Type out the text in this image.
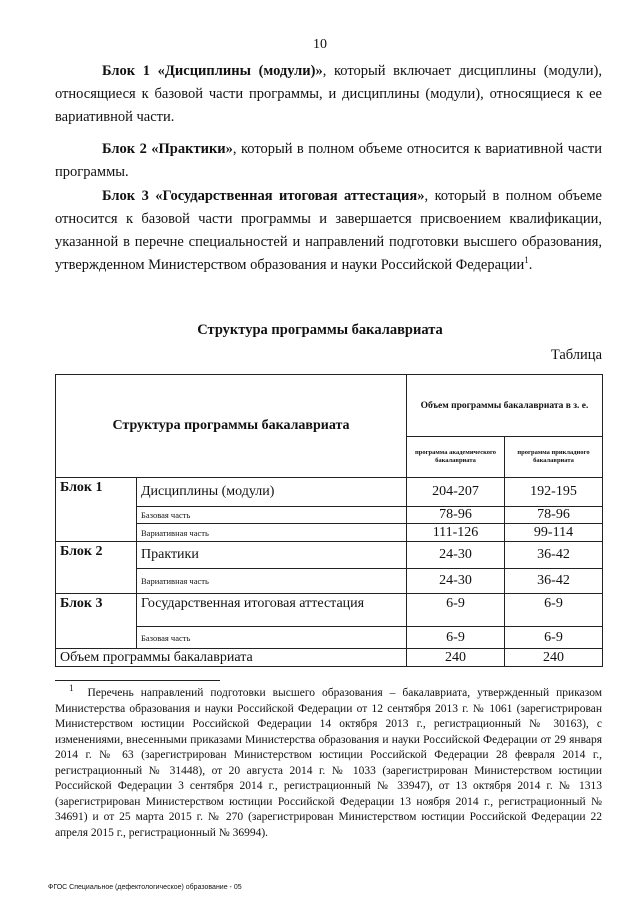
10

Блок 1 «Дисциплины (модули)», который включает дисциплины (модули), относящиеся к базовой части программы, и дисциплины (модули), относящиеся к ее вариативной части.

Блок 2 «Практики», который в полном объеме относится к вариативной части программы.

Блок 3 «Государственная итоговая аттестация», который в полном объеме относится к базовой части программы и завершается присвоением квалификации, указанной в перечне специальностей и направлений подготовки высшего образования, утвержденном Министерством образования и науки Российской Федерации$^1$.

Структура программы бакалавриата
Таблица
Структура программы бакалавриата		Объем программы бакалавриата в з. е.	
		программа академического бакалавриата	программа прикладного бакалавриата
Блок 1	Дисциплины (модули)	204-207	192-195
	Базовая часть	78-96	78-96
	Вариативная часть	111-126	99-114
Блок 2	Практики	24-30	36-42
	Вариативная часть	24-30	36-42
Блок 3	Государственная итоговая аттестация	6-9	6-9
	Базовая часть	6-9	6-9
Объем программы бакалавриата		240	240

$^1$ Перечень направлений подготовки высшего образования – бакалавриата, утвержденный приказом Министерства образования и науки Российской Федерации от 12 сентября 2013 г. № 1061 (зарегистрирован Министерством юстиции Российской Федерации 14 октября 2013 г., регистрационный № 30163), с изменениями, внесенными приказами Министерства образования и науки Российской Федерации от 29 января 2014 г. № 63 (зарегистрирован Министерством юстиции Российской Федерации 28 февраля 2014 г., регистрационный № 31448), от 20 августа 2014 г. № 1033 (зарегистрирован Министерством юстиции Российской Федерации 3 сентября 2014 г., регистрационный № 33947), от 13 октября 2014 г. № 1313 (зарегистрирован Министерством юстиции Российской Федерации 13 ноября 2014 г., регистрационный № 34691) и от 25 марта 2015 г. № 270 (зарегистрирован Министерством юстиции Российской Федерации 22 апреля 2015 г., регистрационный № 36994).

ФГОС Специальное (дефектологическое) образование - 05
